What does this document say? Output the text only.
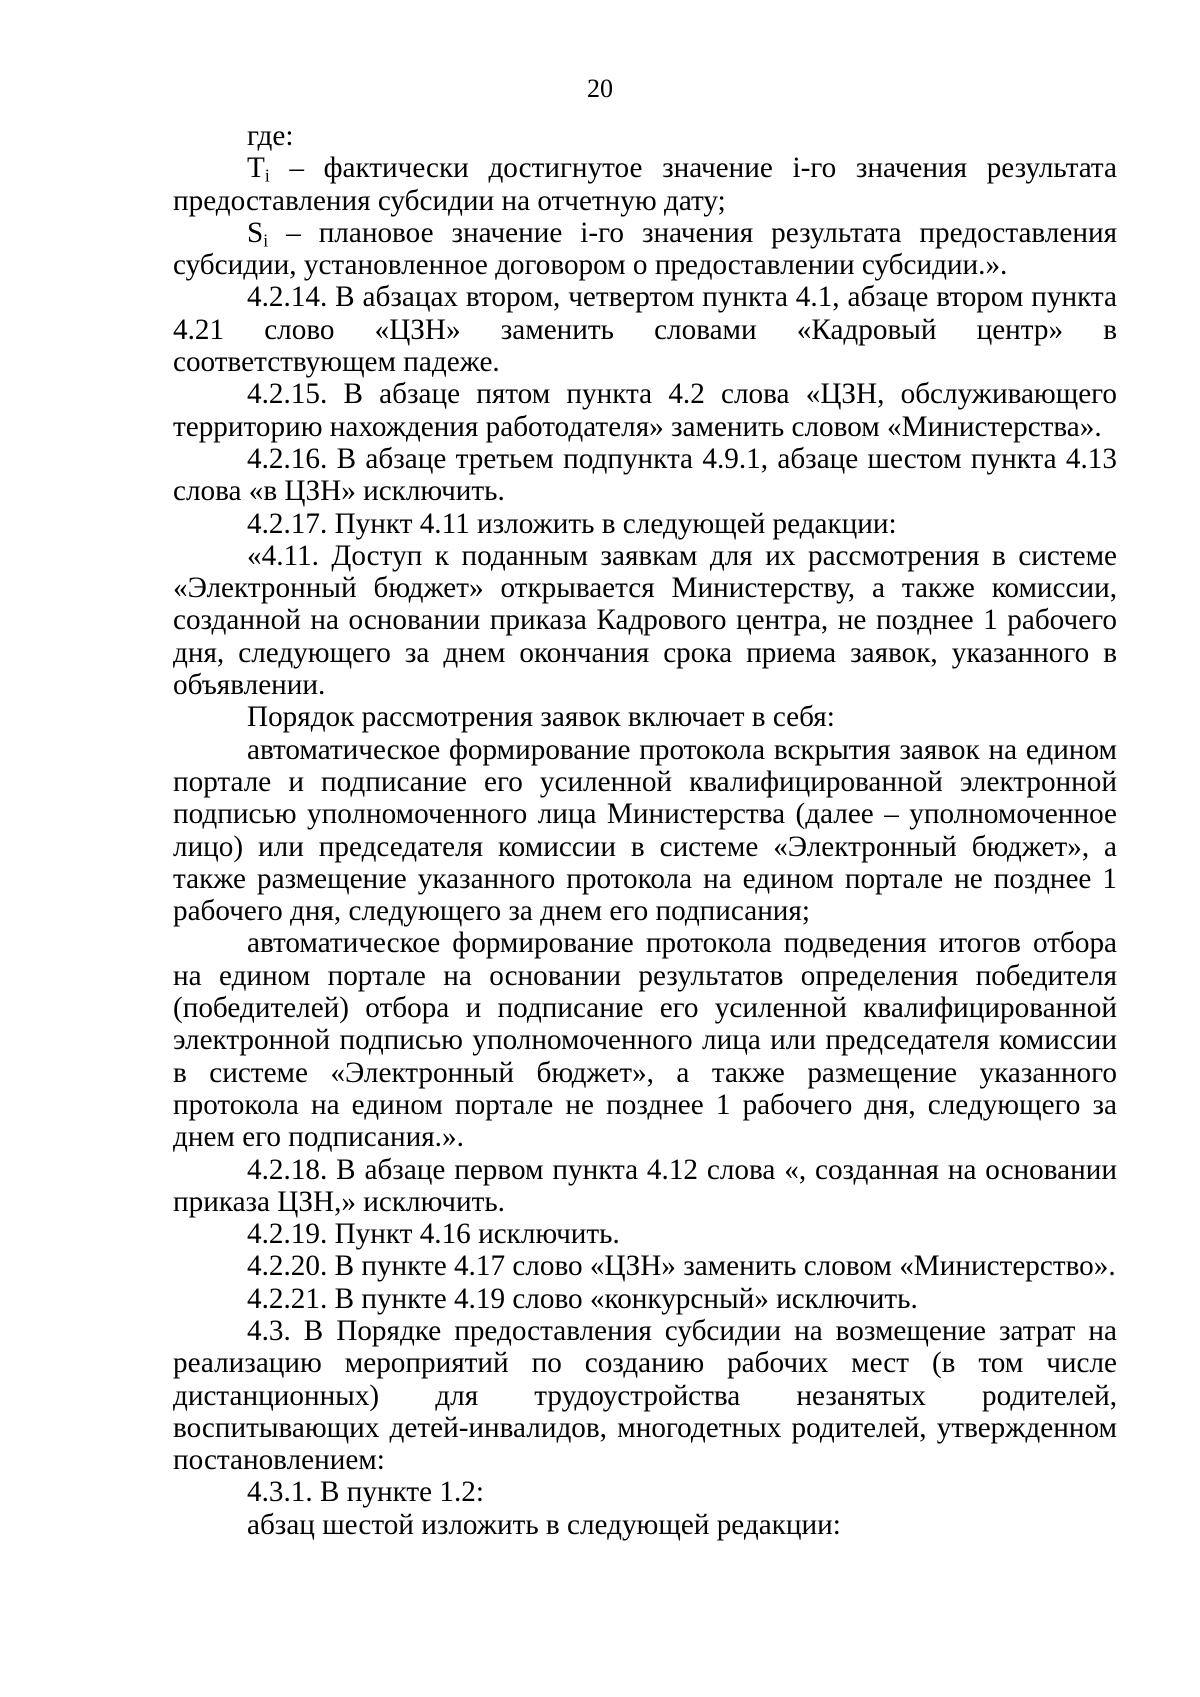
20

где:

$T_i$ – фактически достигнутое значение i-го значения результата предоставления субсидии на отчетную дату;

$S_i$ – плановое значение i-го значения результата предоставления субсидии, установленное договором о предоставлении субсидии.».

4.2.14. В абзацах втором, четвертом пункта 4.1, абзаце втором пункта 4.21 слово «ЦЗН» заменить словами «Кадровый центр» в соответствующем падеже.

4.2.15. В абзаце пятом пункта 4.2 слова «ЦЗН, обслуживающего территорию нахождения работодателя» заменить словом «Министерства».

4.2.16. В абзаце третьем подпункта 4.9.1, абзаце шестом пункта 4.13 слова «в ЦЗН» исключить.

4.2.17. Пункт 4.11 изложить в следующей редакции:

«4.11. Доступ к поданным заявкам для их рассмотрения в системе «Электронный бюджет» открывается Министерству, а также комиссии, созданной на основании приказа Кадрового центра, не позднее 1 рабочего дня, следующего за днем окончания срока приема заявок, указанного в объявлении.

Порядок рассмотрения заявок включает в себя:

автоматическое формирование протокола вскрытия заявок на едином портале и подписание его усиленной квалифицированной электронной подписью уполномоченного лица Министерства (далее – уполномоченное лицо) или председателя комиссии в системе «Электронный бюджет», а также размещение указанного протокола на едином портале не позднее 1 рабочего дня, следующего за днем его подписания;

автоматическое формирование протокола подведения итогов отбора на едином портале на основании результатов определения победителя (победителей) отбора и подписание его усиленной квалифицированной электронной подписью уполномоченного лица или председателя комиссии в системе «Электронный бюджет», а также размещение указанного протокола на едином портале не позднее 1 рабочего дня, следующего за днем его подписания.».

4.2.18. В абзаце первом пункта 4.12 слова «, созданная на основании приказа ЦЗН,» исключить.

4.2.19. Пункт 4.16 исключить.

4.2.20. В пункте 4.17 слово «ЦЗН» заменить словом «Министерство».

4.2.21. В пункте 4.19 слово «конкурсный» исключить.

4.3. В Порядке предоставления субсидии на возмещение затрат на реализацию мероприятий по созданию рабочих мест (в том числе дистанционных) для трудоустройства незанятых родителей, воспитывающих детей-инвалидов, многодетных родителей, утвержденном постановлением:

4.3.1. В пункте 1.2:

абзац шестой изложить в следующей редакции:
